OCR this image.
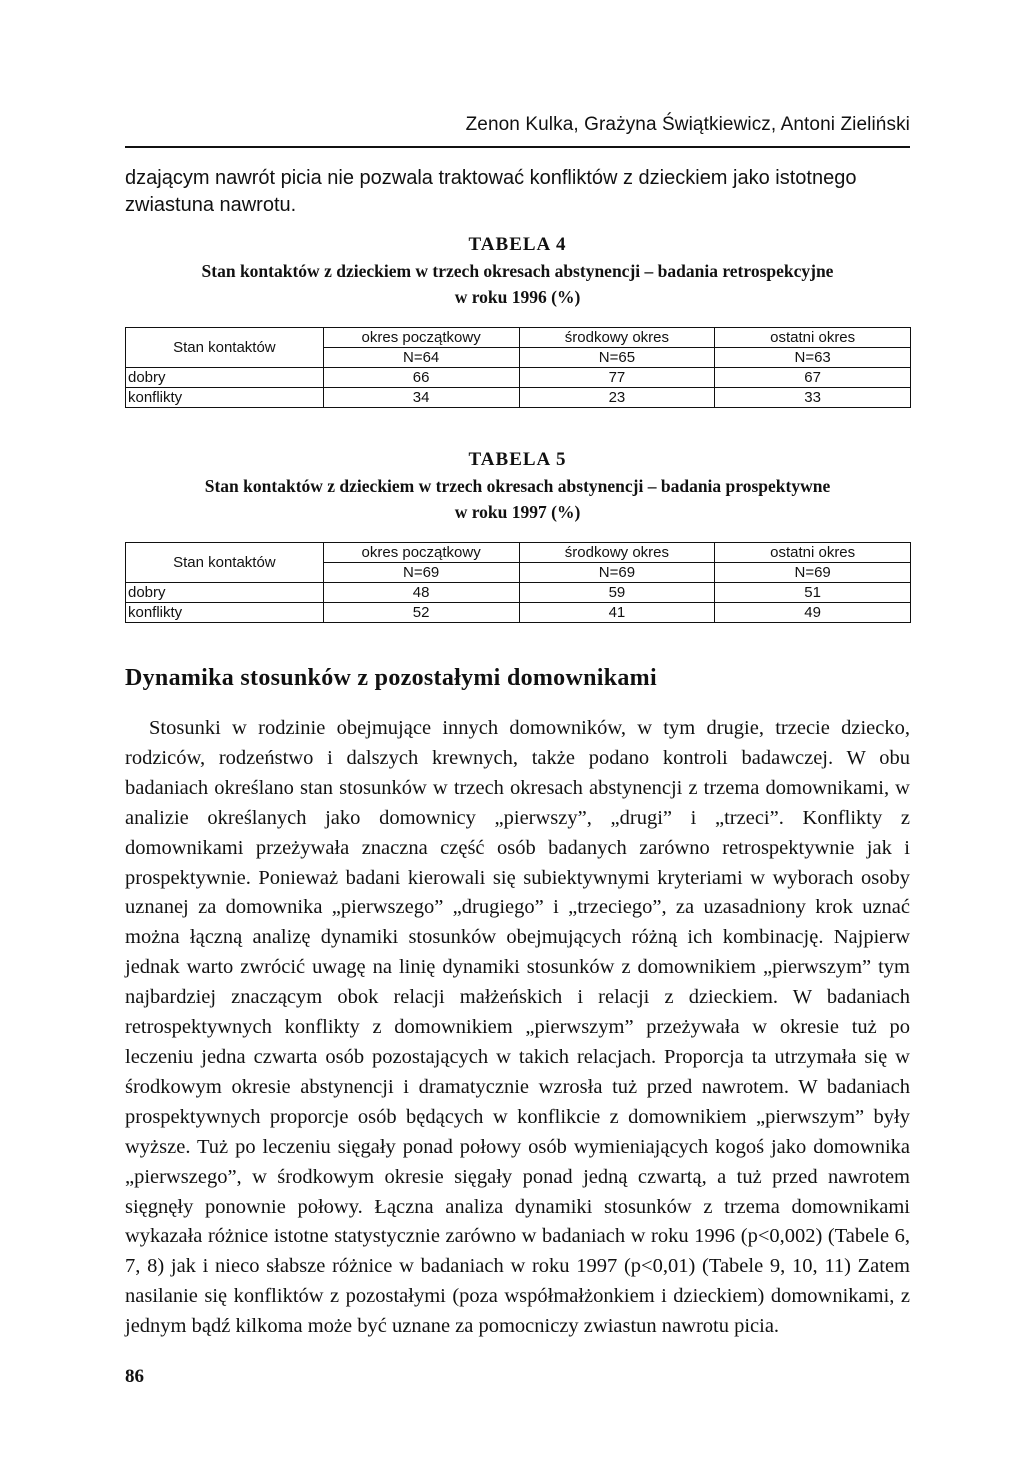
Zenon Kulka, Grażyna Świątkiewicz, Antoni Zieliński

dzającym nawrót picia nie pozwala traktować konfliktów z dzieckiem jako istotnego zwiastuna nawrotu.

TABELA 4
Stan kontaktów z dzieckiem w trzech okresach abstynencji – badania retrospekcyjne
w roku 1996 (%)
Stan kontaktów	okres początkowy	środkowy okres	ostatni okres
	N=64	N=65	N=63
dobry	66	77	67
konflikty	34	23	33
TABELA 5
Stan kontaktów z dzieckiem w trzech okresach abstynencji – badania prospektywne
w roku 1997 (%)
Stan kontaktów	okres początkowy	środkowy okres	ostatni okres
	N=69	N=69	N=69
dobry	48	59	51
konflikty	52	41	49
Dynamika stosunków z pozostałymi domownikami

Stosunki w rodzinie obejmujące innych domowników, w tym drugie, trzecie dziecko, rodziców, rodzeństwo i dalszych krewnych, także podano kontroli badawczej. W obu badaniach określano stan stosunków w trzech okresach abstynencji z trzema domownikami, w analizie określanych jako domownicy „pierwszy”, „drugi” i „trzeci”. Konflikty z domownikami przeżywała znaczna część osób badanych zarówno retrospektywnie jak i prospektywnie. Ponieważ badani kierowali się subiektywnymi kryteriami w wyborach osoby uznanej za domownika „pierwszego” „drugiego” i „trzeciego”, za uzasadniony krok uznać można łączną analizę dynamiki stosunków obejmujących różną ich kombinację. Najpierw jednak warto zwrócić uwagę na linię dynamiki stosunków z domownikiem „pierwszym” tym najbardziej znaczącym obok relacji małżeńskich i relacji z dzieckiem. W badaniach retrospektywnych konflikty z domownikiem „pierwszym” przeżywała w okresie tuż po leczeniu jedna czwarta osób pozostających w takich relacjach. Proporcja ta utrzymała się w środkowym okresie abstynencji i dramatycznie wzrosła tuż przed nawrotem. W badaniach prospektywnych proporcje osób będących w konflikcie z domownikiem „pierwszym” były wyższe. Tuż po leczeniu sięgały ponad połowy osób wymieniających kogoś jako domownika „pierwszego”, w środkowym okresie sięgały ponad jedną czwartą, a tuż przed nawrotem sięgnęły ponownie połowy. Łączna analiza dynamiki stosunków z trzema domownikami wykazała różnice istotne statystycznie zarówno w badaniach w roku 1996 (p<0,002) (Tabele 6, 7, 8) jak i nieco słabsze różnice w badaniach w roku 1997 (p<0,01) (Tabele 9, 10, 11) Zatem nasilanie się konfliktów z pozostałymi (poza współmałżonkiem i dzieckiem) domownikami, z jednym bądź kilkoma może być uznane za pomocniczy zwiastun nawrotu picia.

86
